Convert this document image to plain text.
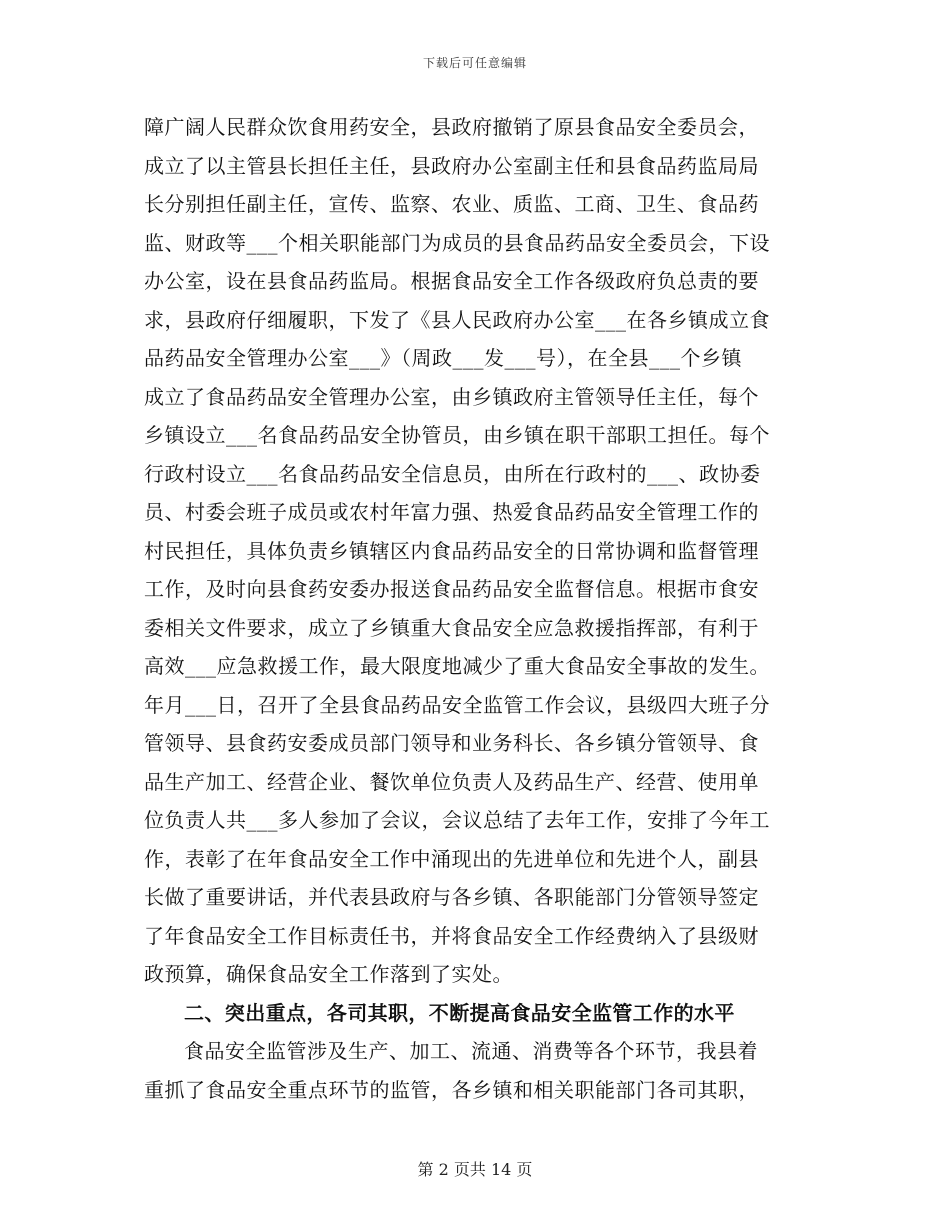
下载后可任意编辑
障广阔人民群众饮食用药安全，县政府撤销了原县食品安全委员会，
成立了以主管县长担任主任，县政府办公室副主任和县食品药监局局
长分别担任副主任，宣传、监察、农业、质监、工商、卫生、食品药
监、财政等___个相关职能部门为成员的县食品药品安全委员会，下设
办公室，设在县食品药监局。根据食品安全工作各级政府负总责的要
求，县政府仔细履职，下发了《县人民政府办公室___在各乡镇成立食
品药品安全管理办公室___》（周政___发___号），在全县___个乡镇
成立了食品药品安全管理办公室，由乡镇政府主管领导任主任，每个
乡镇设立___名食品药品安全协管员，由乡镇在职干部职工担任。每个
行政村设立___名食品药品安全信息员，由所在行政村的___、政协委
员、村委会班子成员或农村年富力强、热爱食品药品安全管理工作的
村民担任，具体负责乡镇辖区内食品药品安全的日常协调和监督管理
工作，及时向县食药安委办报送食品药品安全监督信息。根据市食安
委相关文件要求，成立了乡镇重大食品安全应急救援指挥部，有利于
高效___应急救援工作，最大限度地减少了重大食品安全事故的发生。
年月___日，召开了全县食品药品安全监管工作会议，县级四大班子分
管领导、县食药安委成员部门领导和业务科长、各乡镇分管领导、食
品生产加工、经营企业、餐饮单位负责人及药品生产、经营、使用单
位负责人共___多人参加了会议，会议总结了去年工作，安排了今年工
作，表彰了在年食品安全工作中涌现出的先进单位和先进个人，副县
长做了重要讲话，并代表县政府与各乡镇、各职能部门分管领导签定
了年食品安全工作目标责任书，并将食品安全工作经费纳入了县级财
政预算，确保食品安全工作落到了实处。
二、突出重点，各司其职，不断提高食品安全监管工作的水平
食品安全监管涉及生产、加工、流通、消费等各个环节，我县着
重抓了食品安全重点环节的监管，各乡镇和相关职能部门各司其职，
第 2 页共 14 页
